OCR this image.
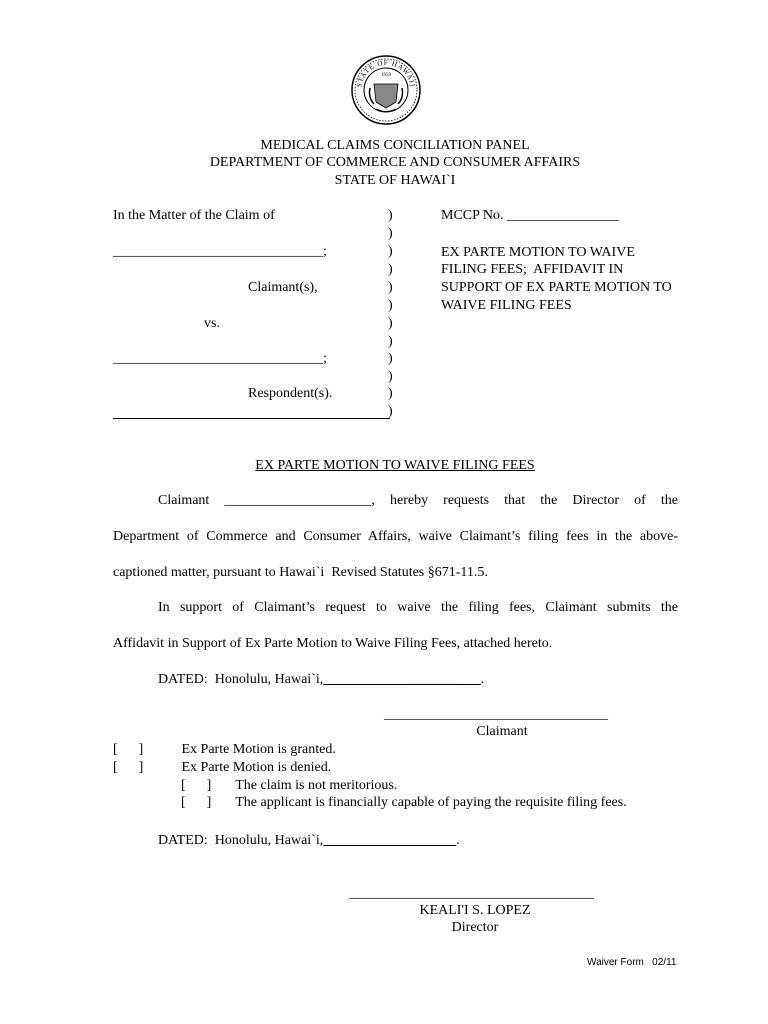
STATE OF HAWAII
1959
MEDICAL CLAIMS CONCILIATION PANEL
DEPARTMENT OF COMMERCE AND CONSUMER AFFAIRS
STATE OF HAWAI`I
In the Matter of the Claim of
______________________________;
Claimant(s),
vs.
______________________________;
Respondent(s).
)
)
)
)
)
)
)
)
)
)
)
)
MCCP No. ________________
EX PARTE MOTION TO WAIVE
FILING FEES;  AFFIDAVIT IN
SUPPORT OF EX PARTE MOTION TO
WAIVE FILING FEES
EX PARTE MOTION TO WAIVE FILING FEES
Claimant _____________________, hereby requests that the Director of the
Department of Commerce and Consumer Affairs, waive Claimant’s filing fees in the above-
captioned matter, pursuant to Hawai`i  Revised Statutes §671-11.5.
In support of Claimant’s request to waive the filing fees, Claimant submits the
Affidavit in Support of Ex Parte Motion to Waive Filing Fees, attached hereto.
DATED:  Honolulu, Hawai`i,                        ________     .
________________________________
Claimant
[      ]	Ex Parte Motion is granted.
[      ]	Ex Parte Motion is denied.
[      ] The claim is not meritorious.
[      ] The applicant is financially capable of paying the requisite filing fees.
DATED:  Honolulu, Hawai`i,	.
___________________________________
KEALI'I S. LOPEZ
Director
Waiver Form   02/11
